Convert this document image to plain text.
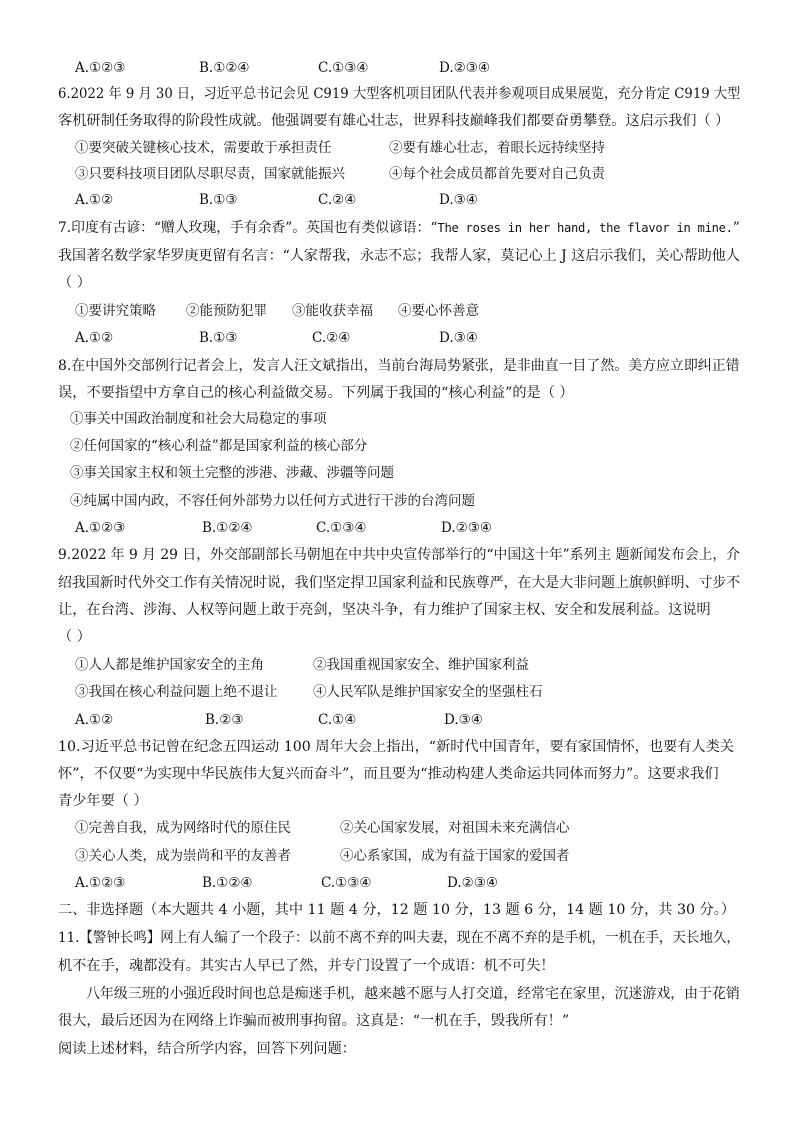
A.①②③	B.①②④	C.①③④	D.②③④
6.2022 年 9 月 30 日，习近平总书记会见 C919 大型客机项目团队代表并参观项目成果展览，充分肯定 C919 大型
客机研制任务取得的阶段性成就。他强调要有雄心壮志，世界科技巅峰我们都要奋勇攀登。这启示我们（ ）
①要突破关键核心技术，需要敢于承担责任	②要有雄心壮志，着眼长远持续坚持
③只要科技项目团队尽职尽责，国家就能振兴	④每个社会成员都首先要对自己负责
A.①②	B.①③	C.②④	D.③④
7.印度有古谚：“赠人玫瑰，手有余香”。英国也有类似谚语：“The roses in her hand, the flavor in mine.”
我国著名数学家华罗庚更留有名言：“人家帮我，永志不忘；我帮人家，莫记心上 J 这启示我们，关心帮助他人
（ ）
①要讲究策略 ②能预防犯罪 ③能收获幸福 ④要心怀善意
A.①②	B.①③	C.②④	D.③④
8.在中国外交部例行记者会上，发言人汪文斌指出，当前台海局势紧张，是非曲直一目了然。美方应立即纠正错
误，不要指望中方拿自己的核心利益做交易。下列属于我国的“核心利益”的是（ ）
①事关中国政治制度和社会大局稳定的事项
②任何国家的“核心利益”都是国家利益的核心部分
③事关国家主权和领土完整的涉港、涉藏、涉疆等问题
④纯属中国内政，不容任何外部势力以任何方式进行干涉的台湾问题
A.①②③	B.①②④	C.①③④	D.②③④
9.2022 年 9 月 29 日，外交部副部长马朝旭在中共中央宣传部举行的“中国这十年”系列主 题新闻发布会上，介
绍我国新时代外交工作有关情况时说，我们坚定捍卫国家利益和民族尊严，在大是大非问题上旗帜鲜明、寸步不
让，在台湾、涉海、人权等问题上敢于亮剑，坚决斗争，有力维护了国家主权、安全和发展利益。这说明
（ ）
①人人都是维护国家安全的主角	②我国重视国家安全、维护国家利益
③我国在核心利益问题上绝不退让	④人民军队是维护国家安全的坚强柱石
A.①②	B.②③	C.①④	D.③④
10.习近平总书记曾在纪念五四运动 100 周年大会上指出，“新时代中国青年，要有家国情怀，也要有人类关
怀”，不仅要“为实现中华民族伟大复兴而奋斗”，而且要为“推动构建人类命运共同体而努力”。这要求我们
青少年要（ ）
①完善自我，成为网络时代的原住民	②关心国家发展，对祖国未来充满信心
③关心人类，成为崇尚和平的友善者	④心系家国，成为有益于国家的爱国者
A.①②③	B.①②④	C.①③④	D.②③④
二、非选择题（本大题共 4 小题，其中 11 题 4 分，12 题 10 分，13 题 6 分，14 题 10 分，共 30 分。）
11.【警钟长鸣】网上有人编了一个段子：以前不离不弃的叫夫妻，现在不离不弃的是手机，一机在手，天长地久，
机不在手，魂都没有。其实古人早已了然，并专门设置了一个成语：机不可失！
八年级三班的小强近段时间也总是痴迷手机，越来越不愿与人打交道，经常宅在家里，沉迷游戏，由于花销
很大，最后还因为在网络上诈骗而被刑事拘留。这真是：“一机在手，毁我所有！”
阅读上述材料，结合所学内容，回答下列问题：
